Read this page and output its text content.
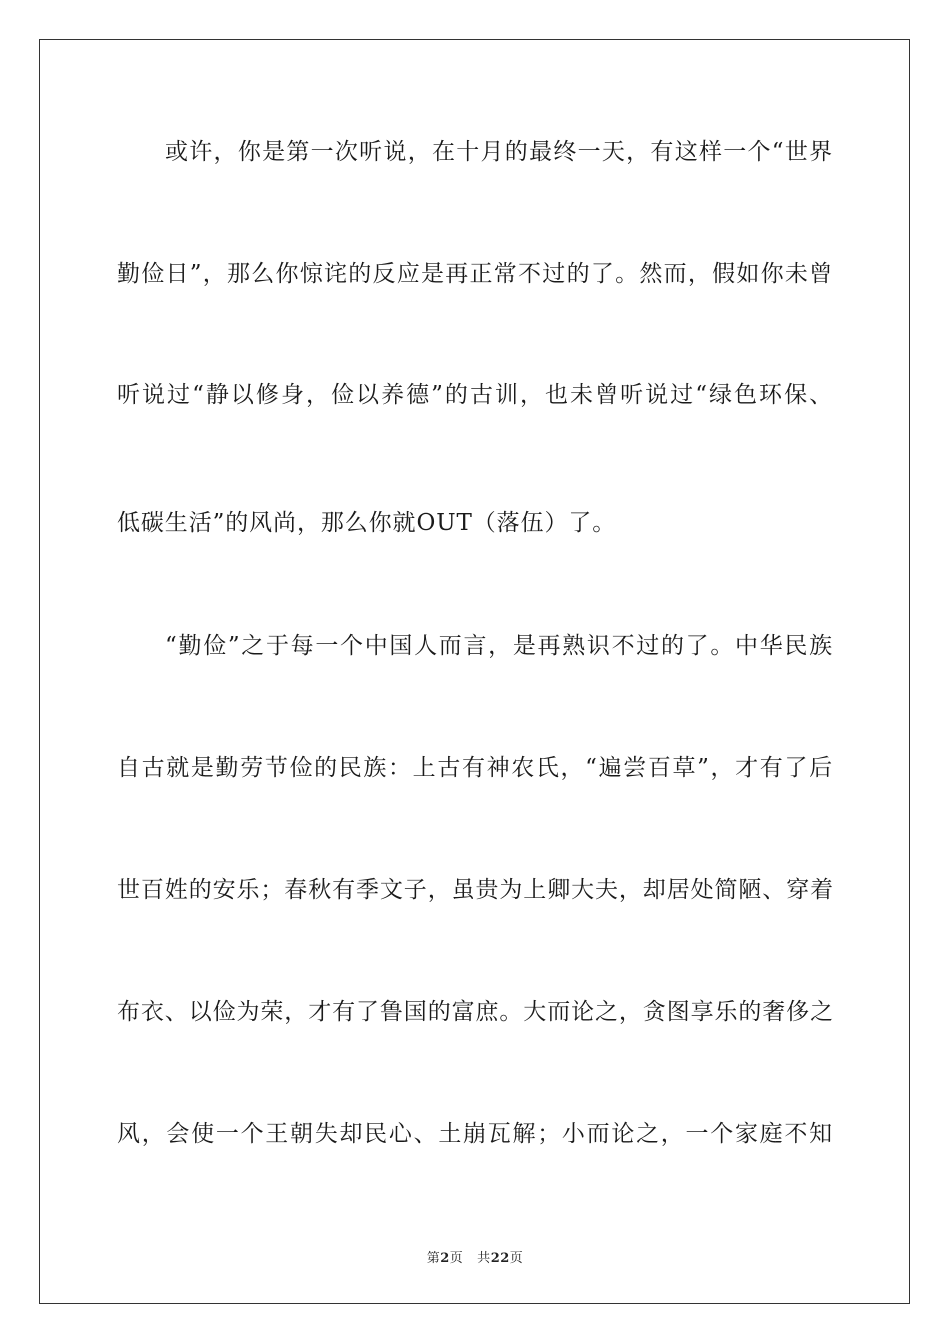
或许，你是第一次听说，在十月的最终一天，有这样一个“世界
勤俭日”，那么你惊诧的反应是再正常不过的了。然而，假如你未曾
听说过“静以修身，俭以养德”的古训，也未曾听说过“绿色环保、
低碳生活”的风尚，那么你就OUT（落伍）了。
“勤俭”之于每一个中国人而言，是再熟识不过的了。中华民族
自古就是勤劳节俭的民族：上古有神农氏，“遍尝百草”，才有了后
世百姓的安乐；春秋有季文子，虽贵为上卿大夫，却居处简陋、穿着
布衣、以俭为荣，才有了鲁国的富庶。大而论之，贪图享乐的奢侈之
风，会使一个王朝失却民心、土崩瓦解；小而论之，一个家庭不知
第2页 共22页
